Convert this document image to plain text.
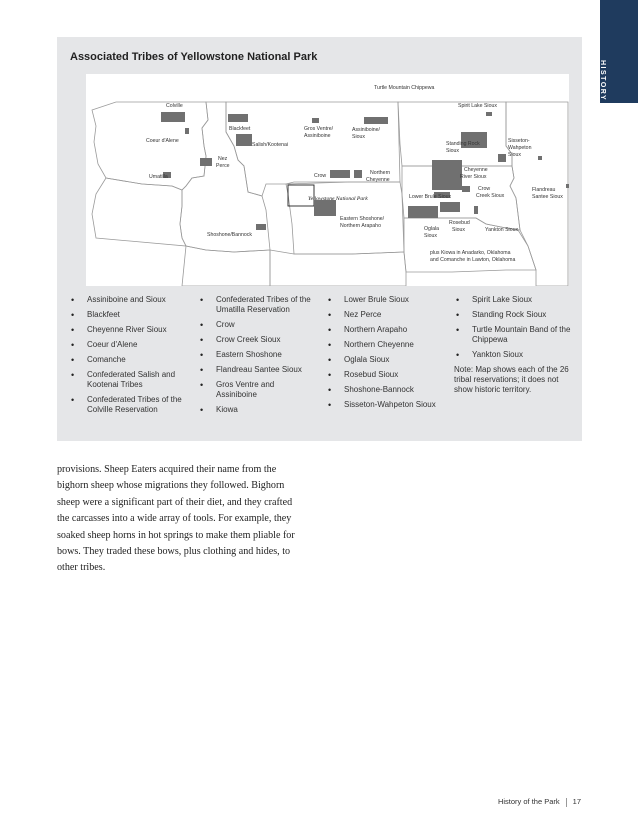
HISTORY
Associated Tribes of Yellowstone National Park
Turtle Mountain Chippewa
Spirit Lake Sioux
Colville
Blackfeet	Gros Ventre/
Assiniboine
Assiniboine/
Sioux
Coeur d'Alene
Salish/Kootenai	Standing Rock
Sioux
Sisseton-
Wahpeton
Sioux
Nez
Perce
Umatilla	Crow	Northern
Cheyenne
Cheyenne
River Sioux
Crow
Creek Sioux
Flandreau
Santee Sioux
Yellowstone National Park	Lower Brule Sioux
Eastern Shoshone/
Northern Arapaho
Shoshone/Bannock
Oglala
Sioux
Rosebud
Sioux	Yankton Sioux
plus Kiowa in Anadarko, Oklahoma
and Comanche in Lawton, Oklahoma
• Assiniboine and Sioux
• Blackfeet
• Cheyenne River Sioux
• Coeur d'Alene
• Comanche
• Confederated Salish and Kootenai Tribes
• Confederated Tribes of the Colville Reservation
• Confederated Tribes of the Umatilla Reservation
• Crow
• Crow Creek Sioux
• Eastern Shoshone
• Flandreau Santee Sioux
• Gros Ventre and Assiniboine
• Kiowa
• Lower Brule Sioux
• Nez Perce
• Northern Arapaho
• Northern Cheyenne
• Oglala Sioux
• Rosebud Sioux
• Shoshone-Bannock
• Sisseton-Wahpeton Sioux
• Spirit Lake Sioux
• Standing Rock Sioux
• Turtle Mountain Band of the Chippewa
• Yankton Sioux
Note: Map shows each of the 26 tribal reservations; it does not show historic territory.

provisions. Sheep Eaters acquired their name from the bighorn sheep whose migrations they followed. Bighorn sheep were a significant part of their diet, and they crafted the carcasses into a wide array of tools. For example, they soaked sheep horns in hot springs to make them pliable for bows. They traded these bows, plus clothing and hides, to other tribes.

History of the Park 17
